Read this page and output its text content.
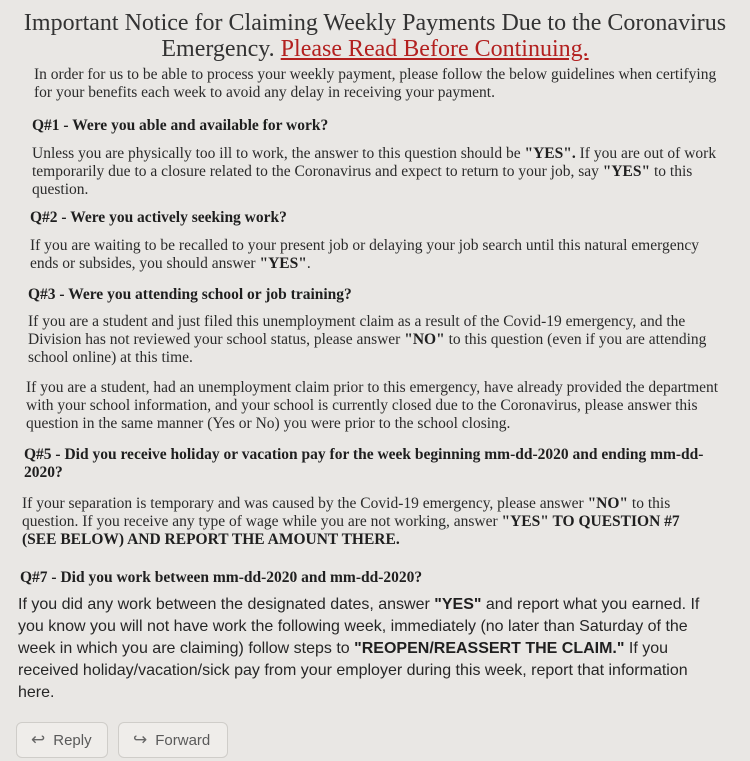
Important Notice for Claiming Weekly Payments Due to the Coronavirus Emergency. Please Read Before Continuing.
In order for us to be able to process your weekly payment, please follow the below guidelines when certifying for your benefits each week to avoid any delay in receiving your payment.
Q#1 - Were you able and available for work?
Unless you are physically too ill to work, the answer to this question should be "YES". If you are out of work temporarily due to a closure related to the Coronavirus and expect to return to your job, say "YES" to this question.
Q#2 - Were you actively seeking work?
If you are waiting to be recalled to your present job or delaying your job search until this natural emergency ends or subsides, you should answer "YES".
Q#3 - Were you attending school or job training?
If you are a student and just filed this unemployment claim as a result of the Covid-19 emergency, and the Division has not reviewed your school status, please answer "NO" to this question (even if you are attending school online) at this time.
If you are a student, had an unemployment claim prior to this emergency, have already provided the department with your school information, and your school is currently closed due to the Coronavirus, please answer this question in the same manner (Yes or No) you were prior to the school closing.
Q#5 - Did you receive holiday or vacation pay for the week beginning mm-dd-2020 and ending mm-dd-2020?
If your separation is temporary and was caused by the Covid-19 emergency, please answer "NO" to this question. If you receive any type of wage while you are not working, answer "YES" TO QUESTION #7 (SEE BELOW) AND REPORT THE AMOUNT THERE.
Q#7 - Did you work between mm-dd-2020 and mm-dd-2020?
If you did any work between the designated dates, answer "YES" and report what you earned. If you know you will not have work the following week, immediately (no later than Saturday of the week in which you are claiming) follow steps to "REOPEN/REASSERT THE CLAIM." If you received holiday/vacation/sick pay from your employer during this week, report that information here.
↩ Reply ↪ Forward
